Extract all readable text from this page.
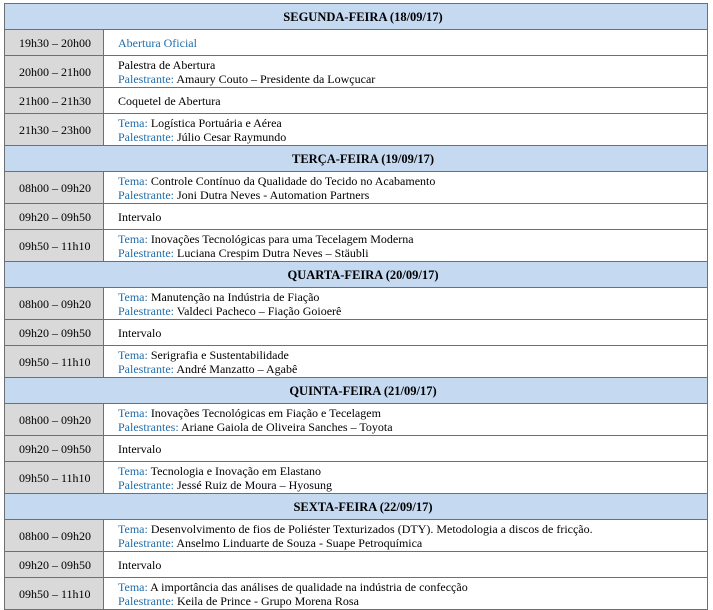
SEGUNDA-FEIRA (18/09/17)	
19h30 – 20h00	Abertura Oficial

20h00 – 21h00	Palestra de Abertura
Palestrante: Amaury Couto – Presidente da Lowçucar

21h00 – 21h30	Coquetel de Abertura

21h30 – 23h00	Tema: Logística Portuária e Aérea
Palestrante: Júlio Cesar Raymundo

TERÇA-FEIRA (19/09/17)	
08h00 – 09h20	Tema: Controle Contínuo da Qualidade do Tecido no Acabamento
Palestrante: Joni Dutra Neves - Automation Partners

09h20 – 09h50	Intervalo

09h50 – 11h10	Tema: Inovações Tecnológicas para uma Tecelagem Moderna
Palestrante: Luciana Crespim Dutra Neves – Stäubli

QUARTA-FEIRA (20/09/17)	
08h00 – 09h20	Tema: Manutenção na Indústria de Fiação
Palestrante: Valdeci Pacheco – Fiação Goioerê

09h20 – 09h50	Intervalo

09h50 – 11h10	Tema: Serigrafia e Sustentabilidade
Palestrante: André Manzatto – Agabê

QUINTA-FEIRA (21/09/17)	
08h00 – 09h20	Tema: Inovações Tecnológicas em Fiação e Tecelagem
Palestrantes: Ariane Gaiola de Oliveira Sanches – Toyota

09h20 – 09h50	Intervalo

09h50 – 11h10	Tema: Tecnologia e Inovação em Elastano
Palestrante: Jessé Ruiz de Moura – Hyosung

SEXTA-FEIRA (22/09/17)	
08h00 – 09h20	Tema: Desenvolvimento de fios de Poliéster Texturizados (DTY). Metodologia a discos de fricção.
Palestrante: Anselmo Linduarte de Souza - Suape Petroquímica

09h20 – 09h50	Intervalo

09h50 – 11h10	Tema: A importância das análises de qualidade na indústria de confecção
Palestrante: Keila de Prince - Grupo Morena Rosa
